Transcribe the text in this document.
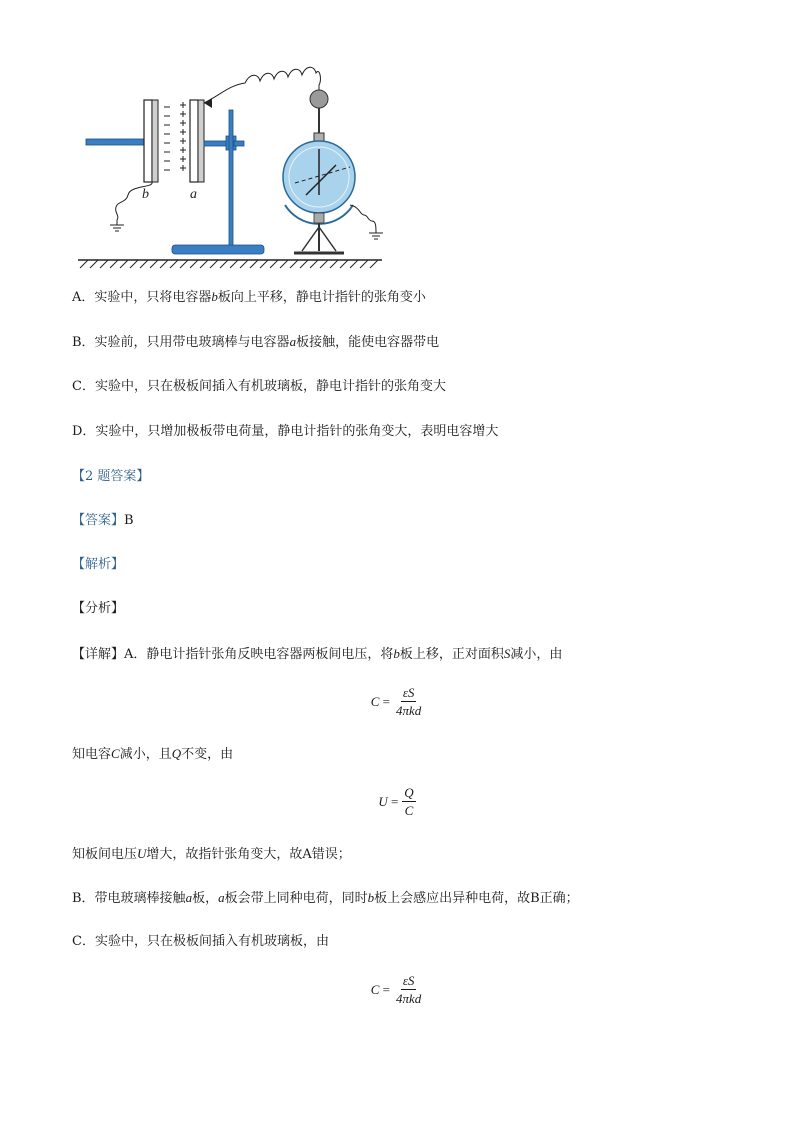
b	a
A．实验中，只将电容器b板向上平移，静电计指针的张角变小
B．实验前，只用带电玻璃棒与电容器a板接触，能使电容器带电
C．实验中，只在极板间插入有机玻璃板，静电计指针的张角变大
D．实验中，只增加极板带电荷量，静电计指针的张角变大，表明电容增大
【2 题答案】
【答案】B
【解析】
【分析】
【详解】A．静电计指针张角反映电容器两板间电压，将b板上移，正对面积S减小，由
$C = \frac{\varepsilon S}{\text{4πkd}}$
知电容C减小，且Q不变，由
$U = \frac{Q}{C}$
知板间电压U增大，故指针张角变大，故A错误；
B．带电玻璃棒接触a板，a板会带上同种电荷，同时b板上会感应出异种电荷，故B正确；
C．实验中，只在极板间插入有机玻璃板，由
$C = \frac{\varepsilon S}{\text{4πkd}}$
